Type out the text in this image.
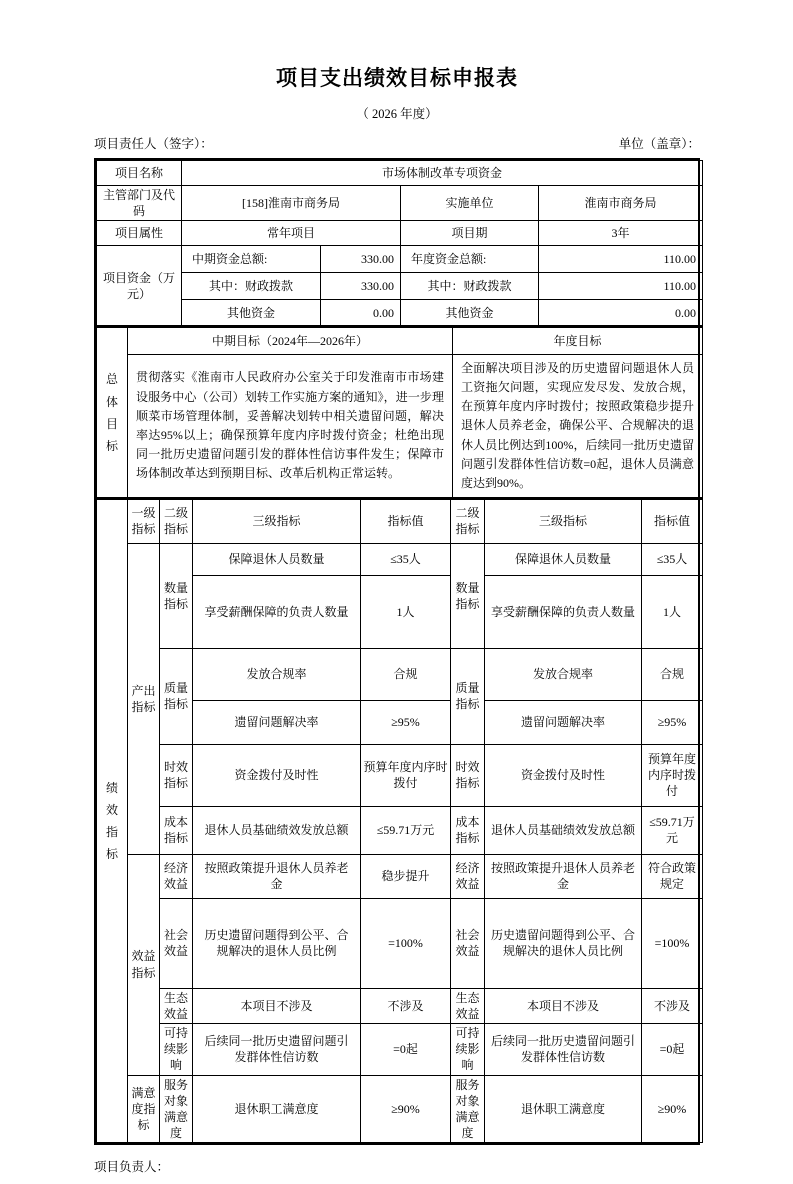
项目支出绩效目标申报表
（ 2026 年度）
项目责任人（签字）：	单位（盖章）：
项目名称	市场体制改革专项资金			
主管部门及代码	[158]淮南市商务局		实施单位	淮南市商务局
项目属性	常年项目		项目期	3年
项目资金（万元）	中期资金总额:	330.00	年度资金总额:	110.00
	其中：财政拨款	330.00	其中：财政拨款	110.00
	其他资金	0.00	其他资金	0.00
总体目标	中期目标（2024年—2026年）	年度目标
	贯彻落实《淮南市人民政府办公室关于印发淮南市市场建设服务中心（公司）划转工作实施方案的通知》，进一步理顺菜市场管理体制，妥善解决划转中相关遗留问题，解决率达95%以上；确保预算年度内序时拨付资金；杜绝出现同一批历史遗留问题引发的群体性信访事件发生；保障市场体制改革达到预期目标、改革后机构正常运转。	全面解决项目涉及的历史遗留问题退休人员工资拖欠问题，实现应发尽发、发放合规，在预算年度内序时拨付；按照政策稳步提升退休人员养老金，确保公平、合规解决的退休人员比例达到100%，后续同一批历史遗留问题引发群体性信访数=0起，退休人员满意度达到90%。
绩效指标	一级指标	二级指标	三级指标	指标值	二级指标	三级指标	指标值
	产出指标	数量指标	保障退休人员数量	≤35人	数量指标	保障退休人员数量	≤35人
			享受薪酬保障的负责人数量	1人		享受薪酬保障的负责人数量	1人
		质量指标	发放合规率	合规	质量指标	发放合规率	合规
			遗留问题解决率	≥95%		遗留问题解决率	≥95%
		时效指标	资金拨付及时性	预算年度内序时拨付	时效指标	资金拨付及时性	预算年度内序时拨付
		成本指标	退休人员基础绩效发放总额	≤59.71万元	成本指标	退休人员基础绩效发放总额	≤59.71万元
	效益指标	经济效益	按照政策提升退休人员养老金	稳步提升	经济效益	按照政策提升退休人员养老金	符合政策规定
		社会效益	历史遗留问题得到公平、合规解决的退休人员比例	=100%	社会效益	历史遗留问题得到公平、合规解决的退休人员比例	=100%
		生态效益	本项目不涉及	不涉及	生态效益	本项目不涉及	不涉及
		可持续影响	后续同一批历史遗留问题引发群体性信访数	=0起	可持续影响	后续同一批历史遗留问题引发群体性信访数	=0起
	满意度指标	服务对象满意度	退休职工满意度	≥90%	服务对象满意度	退休职工满意度	≥90%
项目负责人：
